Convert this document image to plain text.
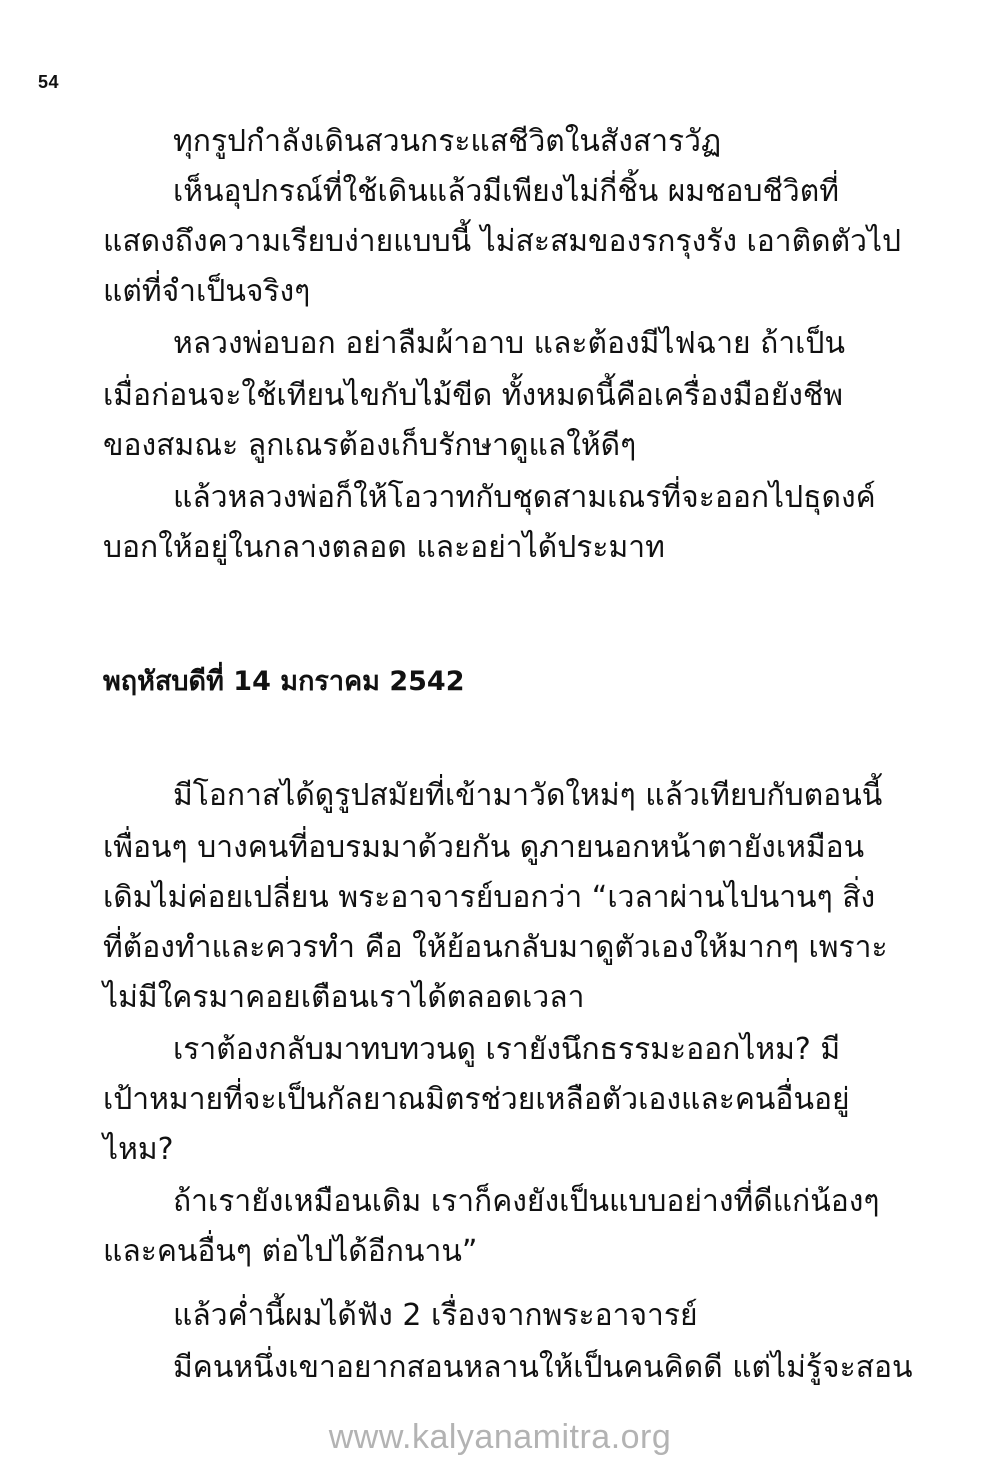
54
ทุกรูปกำลังเดินสวนกระแสชีวิตในสังสารวัฏ
เห็นอุปกรณ์ที่ใช้เดินแล้วมีเพียงไม่กี่ชิ้น ผมชอบชีวิตที่
แสดงถึงความเรียบง่ายแบบนี้ ไม่สะสมของรกรุงรัง เอาติดตัวไป
แต่ที่จำเป็นจริงๆ
หลวงพ่อบอก อย่าลืมผ้าอาบ และต้องมีไฟฉาย ถ้าเป็น
เมื่อก่อนจะใช้เทียนไขกับไม้ขีด ทั้งหมดนี้คือเครื่องมือยังชีพ
ของสมณะ ลูกเณรต้องเก็บรักษาดูแลให้ดีๆ
แล้วหลวงพ่อก็ให้โอวาทกับชุดสามเณรที่จะออกไปธุดงค์
บอกให้อยู่ในกลางตลอด และอย่าได้ประมาท
พฤหัสบดีที่ 14 มกราคม 2542
มีโอกาสได้ดูรูปสมัยที่เข้ามาวัดใหม่ๆ แล้วเทียบกับตอนนี้
เพื่อนๆ บางคนที่อบรมมาด้วยกัน ดูภายนอกหน้าตายังเหมือน
เดิมไม่ค่อยเปลี่ยน พระอาจารย์บอกว่า “เวลาผ่านไปนานๆ สิ่ง
ที่ต้องทำและควรทำ คือ ให้ย้อนกลับมาดูตัวเองให้มากๆ เพราะ
ไม่มีใครมาคอยเตือนเราได้ตลอดเวลา
เราต้องกลับมาทบทวนดู เรายังนึกธรรมะออกไหม? มี
เป้าหมายที่จะเป็นกัลยาณมิตรช่วยเหลือตัวเองและคนอื่นอยู่
ไหม?
ถ้าเรายังเหมือนเดิม เราก็คงยังเป็นแบบอย่างที่ดีแก่น้องๆ
และคนอื่นๆ ต่อไปได้อีกนาน”
แล้วค่ำนี้ผมได้ฟัง 2 เรื่องจากพระอาจารย์
มีคนหนึ่งเขาอยากสอนหลานให้เป็นคนคิดดี แต่ไม่รู้จะสอน
www.kalyanamitra.org
